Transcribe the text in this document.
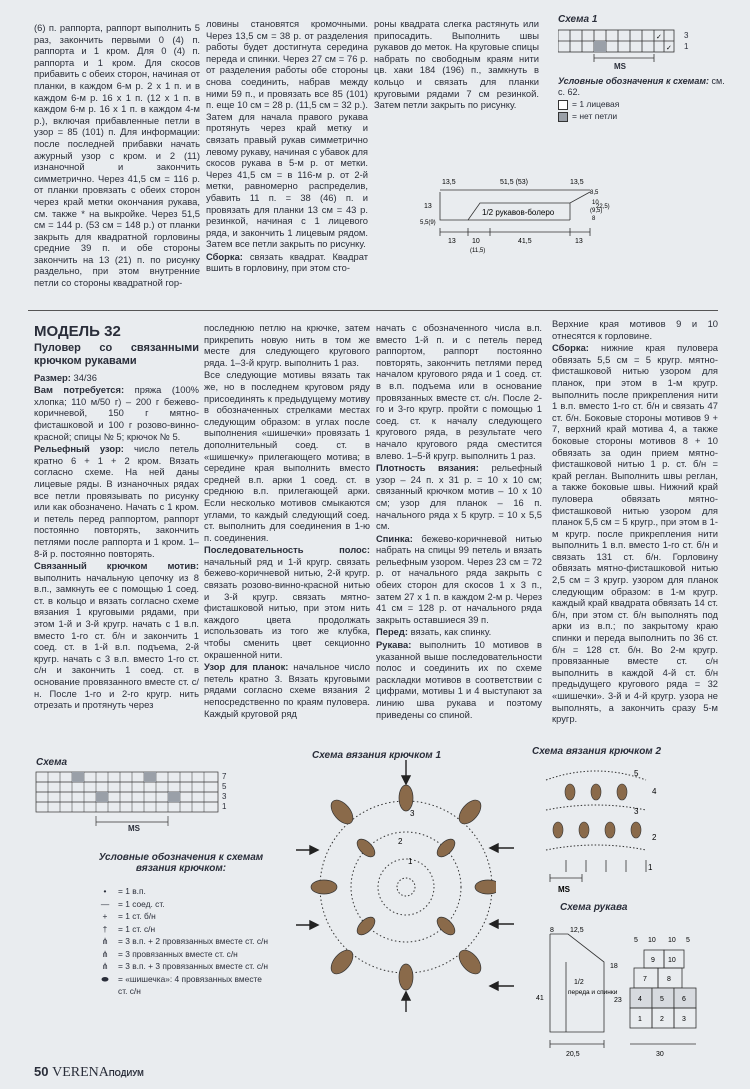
(6) п. раппорта, раппорт выполнить 5 раз, закончить первыми 0 (4) п. раппорта и 1 кром. Для 0 (4) п. раппорта и 1 кром. Для скосов прибавить с обеих сторон, начиная от планки, в каждом 6-м р. 2 х 1 п. и в каждом 6-м р. 16 х 1 п. (12 х 1 п. в каждом 6-м р. 16 х 1 п. в каждом 4-м р.), включая прибавленные петли в узор = 85 (101) п. Для информации: после последней прибавки начать ажурный узор с кром. и 2 (11) изнаночной и закончить симметрично. Через 41,5 см = 116 р. от планки провязать с обеих сторон через край метки окончания рукава, см. также * на выкройке. Через 51,5 см = 144 р. (53 см = 148 р.) от планки закрыть для квадратной горловины средние 39 п. и обе стороны закончить на 13 (21) п. по рисунку раздельно, при этом внутренние петли со стороны квадратной гор-

ловины становятся кромочными. Через 13,5 см = 38 р. от разделения работы будет достигнута середина переда и спинки. Через 27 см = 76 р. от разделения работы обе стороны снова соединить, набрав между ними 59 п., и провязать все 85 (101) п. еще 10 см = 28 р. (11,5 см = 32 р.). Затем для начала правого рукава протянуть через край метку и связать правый рукав симметрично левому рукаву, начиная с убавок для скосов рукава в 5-м р. от метки. Через 41,5 см = в 116-м р. от 2-й метки, равномерно распределив, убавить 11 п. = 38 (46) п. и провязать для планки 13 см = 43 р. резинкой, начиная с 1 лицевого ряда, и закончить 1 лицевым рядом. Затем все петли закрыть по рисунку.

Сборка: связать квадрат. Квадрат вшить в горловину, при этом сто-

роны квадрата слегка растянуть или припосадить. Выполнить швы рукавов до меток. На круговые спицы набрать по свободным краям нити цв. хаки 184 (196) п., замкнуть в кольцо и связать для планки круговыми рядами 7 см резинкой. Затем петли закрыть по рисунку.

Схема 1
✓
✓
3
1
MS
Условные обозначения к схемам: см. с. 62.
= 1 лицевая
= нет петли
1/2 рукавов-болеро
13,5	51,5 (53)	13,5
13
5,5(9)
13 10
(11,5)
41,5	13
8,5
10
(9,5)
8
22,5)
МОДЕЛЬ 32
Пуловер со связанными крючком рукавами

Размер: 34/36

Вам потребуется: пряжа (100% хлопка; 110 м/50 г) – 200 г бежево-коричневой, 150 г мятно-фисташковой и 100 г розово-винно-красной; спицы № 5; крючок № 5.

Рельефный узор: число петель кратно 6 + 1 + 2 кром. Вязать согласно схеме. На ней даны лицевые ряды. В изнаночных рядах все петли провязывать по рисунку или как обозначено. Начать с 1 кром. и петель перед раппортом, раппорт постоянно повторять, закончить петлями после раппорта и 1 кром. 1–8-й р. постоянно повторять.

Связанный крючком мотив: выполнить начальную цепочку из 8 в.п., замкнуть ее с помощью 1 соед. ст. в кольцо и вязать согласно схеме вязания 1 круговыми рядами, при этом 1-й и 3-й кругр. начать с 1 в.п. вместо 1-го ст. б/н и закончить 1 соед. ст. в 1-й в.п. подъема, 2-й кругр. начать с 3 в.п. вместо 1-го ст. с/н и закончить 1 соед. ст. в основание провязанного вместе ст. с/н. После 1-го и 2-го кругр. нить отрезать и протянуть через

последнюю петлю на крючке, затем прикрепить новую нить в том же месте для следующего кругового ряда. 1–3-й кругр. выполнить 1 раз.

Все следующие мотивы вязать так же, но в последнем круговом ряду присоединять к предыдущему мотиву в обозначенных стрелками местах следующим образом: в углах после выполнения «шишечки» провязать 1 дополнительный соед. ст. в «шишечку» прилегающего мотива; в середине края выполнить вместо средней в.п. арки 1 соед. ст. в среднюю в.п. прилегающей арки. Если несколько мотивов смыкаются углами, то каждый следующий соед. ст. выполнить для соединения в 1-ю п. соединения.

Последовательность полос: начальный ряд и 1-й кругр. связать бежево-коричневой нитью, 2-й кругр. связать розово-винно-красной нитью и 3-й кругр. связать мятно-фисташковой нитью, при этом нить каждого цвета продолжать использовать из того же клубка, чтобы сменить цвет секционно окрашенной нити.

Узор для планок: начальное число петель кратно 3. Вязать круговыми рядами согласно схеме вязания 2 непосредственно по краям пуловера. Каждый круговой ряд

начать с обозначенного числа в.п. вместо 1-й п. и с петель перед раппортом, раппорт постоянно повторять, закончить петлями перед началом кругового ряда и 1 соед. ст. в в.п. подъема или в основание провязанных вместе ст. с/н. После 2-го и 3-го кругр. пройти с помощью 1 соед. ст. к началу следующего кругового ряда, в результате чего начало кругового ряда сместится влево. 1–5-й кругр. выполнить 1 раз.

Плотность вязания: рельефный узор – 24 п. х 31 р. = 10 х 10 см; связанный крючком мотив – 10 х 10 см; узор для планок – 16 п. начального ряда х 5 кругр. = 10 х 5,5 см.

Спинка: бежево-коричневой нитью набрать на спицы 99 петель и вязать рельефным узором. Через 23 см = 72 р. от начального ряда закрыть с обеих сторон для скосов 1 х 3 п., затем 27 х 1 п. в каждом 2-м р. Через 41 см = 128 р. от начального ряда закрыть оставшиеся 39 п.

Перед: вязать, как спинку.

Рукава: выполнить 10 мотивов в указанной выше последовательности полос и соединить их по схеме раскладки мотивов в соответствии с цифрами, мотивы 1 и 4 выступают за линию шва рукава и поэтому приведены со спиной.

Верхние края мотивов 9 и 10 отнесятся к горловине.

Сборка: нижние края пуловера обвязать 5,5 см = 5 кругр. мятно-фисташковой нитью узором для планок, при этом в 1-м кругр. выполнить после прикрепления нити 1 в.п. вместо 1-го ст. б/н и связать 47 ст. б/н. Боковые стороны мотивов 9 + 7, верхний край мотива 4, а также боковые стороны мотивов 8 + 10 обвязать за один прием мятно-фисташковой нитью 1 р. ст. б/н = край реглан. Выполнить швы реглан, а также боковые швы. Нижний край пуловера обвязать мятно-фисташковой нитью узором для планок 5,5 см = 5 кругр., при этом в 1-м кругр. после прикрепления нити выполнить 1 в.п. вместо 1-го ст. б/н и связать 131 ст. б/н. Горловину обвязать мятно-фисташковой нитью 2,5 см = 3 кругр. узором для планок следующим образом: в 1-м кругр. каждый край квадрата обвязать 14 ст. б/н, при этом ст. б/н выполнять под арки из в.п.; по закрытому краю спинки и переда выполнить по 36 ст. б/н = 128 ст. б/н. Во 2-м кругр. провязанные вместе ст. с/н выполнить в каждой 4-й ст. б/н предыдущего кругового ряда = 32 «шишечки». 3-й и 4-й кругр. узора не выполнять, а закончить сразу 5-м кругр.

Схема
7
5
3
1
MS
Условные обозначения к схемам вязания крючком:
•	= 1 в.п.
—	= 1 соед. ст.
+	= 1 ст. б/н
†	= 1 ст. с/н
⋔	= 3 в.п. + 2 провязанных вместе ст. с/н
⋔	= 3 провязанных вместе ст. с/н
⋔	= 3 в.п. + 3 провязанных вместе ст. с/н
⬬	= «шишечка»: 4 провязанных вместе ст. с/н
Схема вязания крючком 1
3
2
1
Схема вязания крючком 2
5
4
3
2
1
MS
Схема рукава
8 12,5
5 10 10 5
1/2
переда и спинки
18
41	23
20,5	30
9 10
7	8
4	5	6
1	2	3
50 VERENAПОДИУМ
